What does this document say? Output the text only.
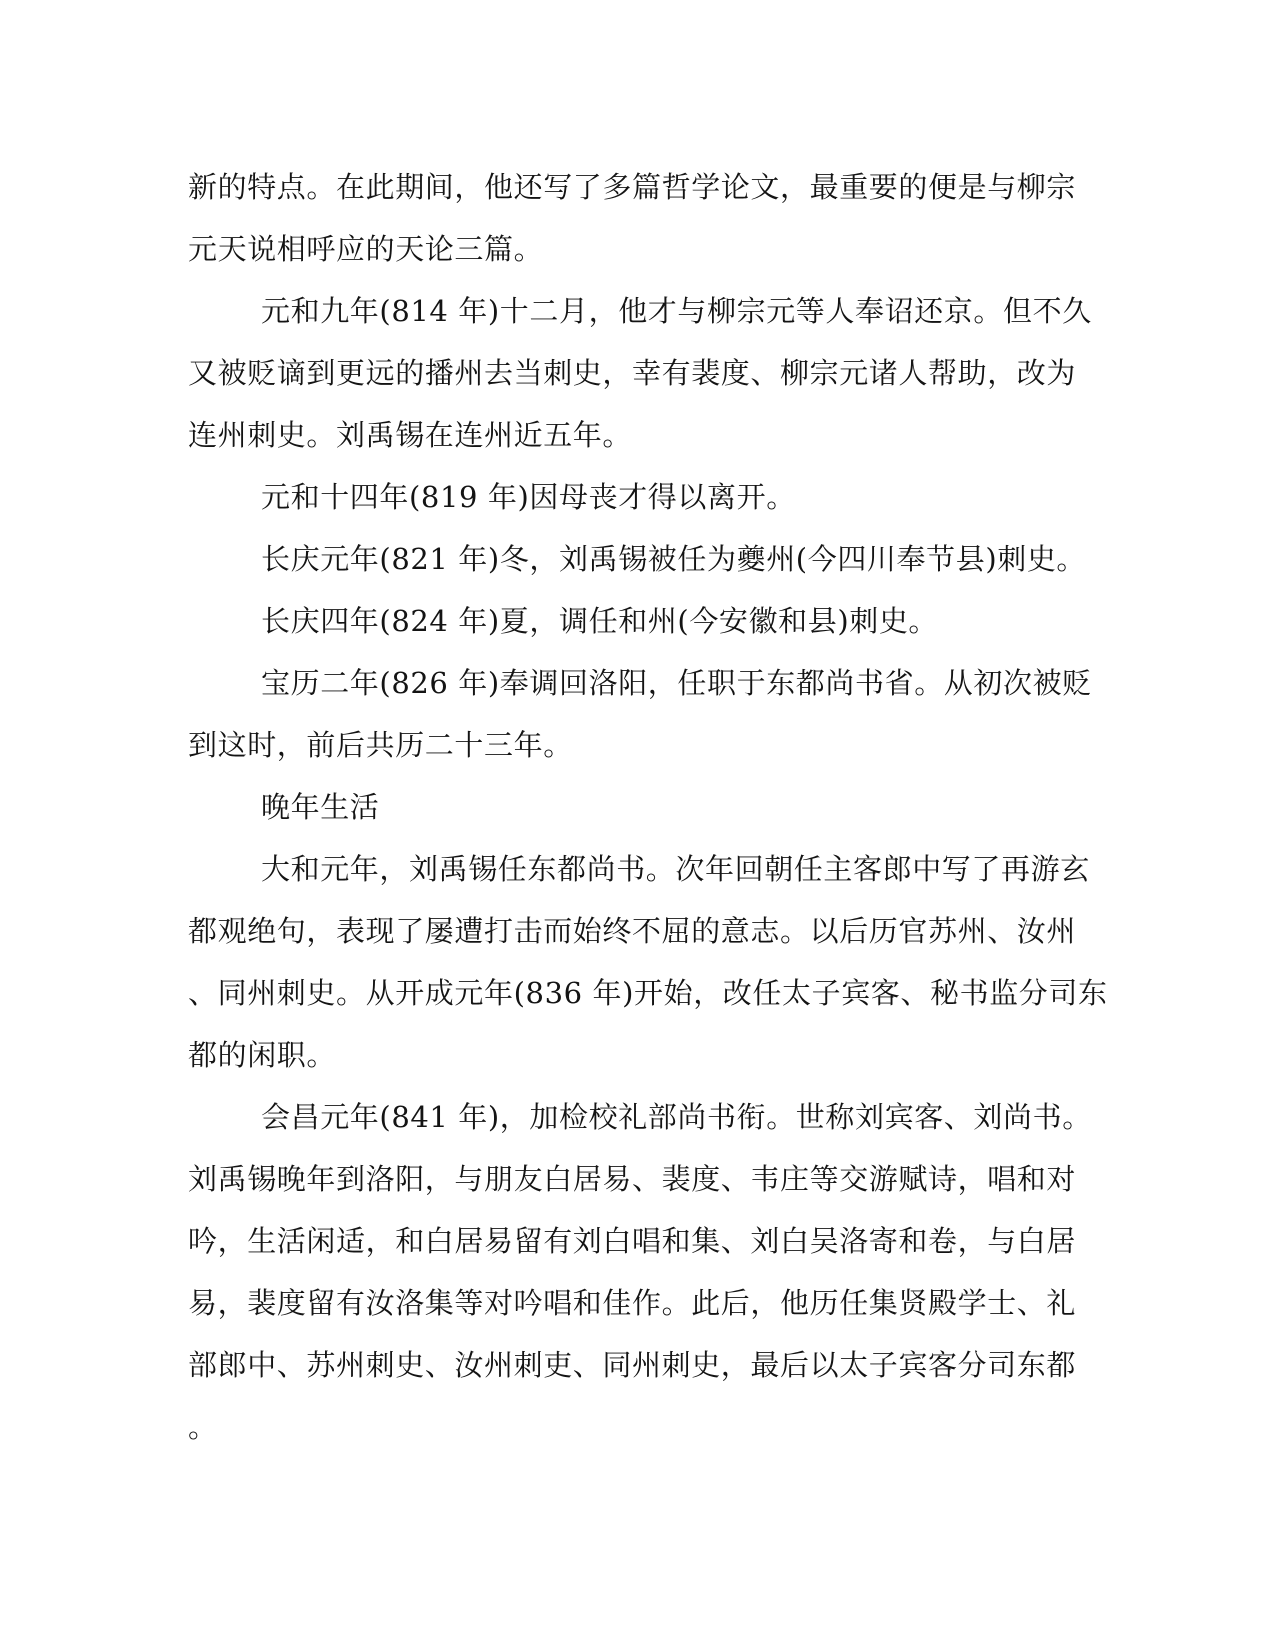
新的特点。在此期间，他还写了多篇哲学论文，最重要的便是与柳宗
元天说相呼应的天论三篇。

元和九年(814 年)十二月，他才与柳宗元等人奉诏还京。但不久
又被贬谪到更远的播州去当刺史，幸有裴度、柳宗元诸人帮助，改为
连州刺史。刘禹锡在连州近五年。

元和十四年(819 年)因母丧才得以离开。

长庆元年(821 年)冬，刘禹锡被任为夔州(今四川奉节县)刺史。

长庆四年(824 年)夏，调任和州(今安徽和县)刺史。

宝历二年(826 年)奉调回洛阳，任职于东都尚书省。从初次被贬
到这时，前后共历二十三年。

晚年生活

大和元年，刘禹锡任东都尚书。次年回朝任主客郎中写了再游玄
都观绝句，表现了屡遭打击而始终不屈的意志。以后历官苏州、汝州
、同州刺史。从开成元年(836 年)开始，改任太子宾客、秘书监分司东
都的闲职。

会昌元年(841 年)，加检校礼部尚书衔。世称刘宾客、刘尚书。
刘禹锡晚年到洛阳，与朋友白居易、裴度、韦庄等交游赋诗，唱和对
吟，生活闲适，和白居易留有刘白唱和集、刘白吴洛寄和卷，与白居
易，裴度留有汝洛集等对吟唱和佳作。此后，他历任集贤殿学士、礼
部郎中、苏州刺史、汝州刺吏、同州刺史，最后以太子宾客分司东都
。
